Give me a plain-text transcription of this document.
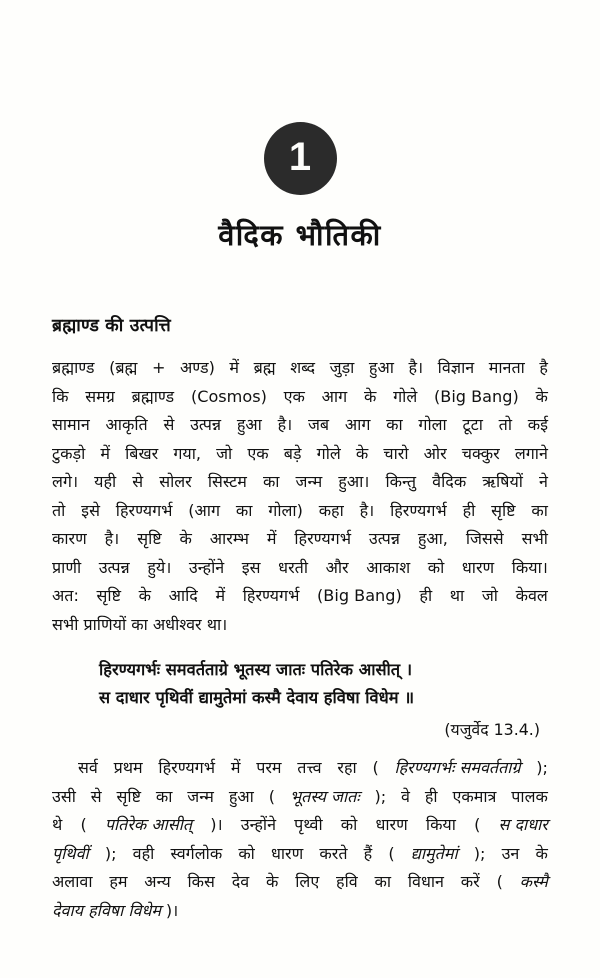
1
वैदिक भौतिकी
ब्रह्माण्ड की उत्पत्ति
ब्रह्माण्ड (ब्रह्म + अण्ड) में ब्रह्म शब्द जुड़ा हुआ है। विज्ञान मानता है
कि समग्र ब्रह्माण्ड (Cosmos) एक आग के गोले (Big Bang) के
सामान आकृति से उत्पन्न हुआ है। जब आग का गोला टूटा तो कई
टुकड़ो में बिखर गया, जो एक बड़े गोले के चारो ओर चक्कुर लगाने
लगे। यही से सोलर सिस्टम का जन्म हुआ। किन्तु वैदिक ऋषियों ने
तो इसे हिरण्यगर्भ (आग का गोला) कहा है। हिरण्यगर्भ ही सृष्टि का
कारण है। सृष्टि के आरम्भ में हिरण्यगर्भ उत्पन्न हुआ, जिससे सभी
प्राणी उत्पन्न हुये। उन्होंने इस धरती और आकाश को धारण किया।
अत: सृष्टि के आदि में हिरण्यगर्भ (Big Bang) ही था जो केवल
सभी प्राणियों का अधीश्वर था।
हिरण्यगर्भः समवर्तताग्रे भूतस्य जातः पतिरेक आसीत् ।
स दाधार पृथिवीं द्यामुतेमां कस्मै देवाय हविषा विधेम ॥
(यजुर्वेद 13.4.)
सर्व प्रथम हिरण्यगर्भ में परम तत्त्व रहा ( हिरण्यगर्भः समवर्तताग्रे );
उसी से सृष्टि का जन्म हुआ ( भूतस्य जातः ); वे ही एकमात्र पालक
थे ( पतिरेक आसीत् )। उन्होंने पृथ्वी को धारण किया ( स दाधार
पृथिवीं ); वही स्वर्गलोक को धारण करते हैं ( द्यामुतेमां ); उन के
अलावा हम अन्य किस देव के लिए हवि का विधान करें ( कस्मै
देवाय हविषा विधेम )।
